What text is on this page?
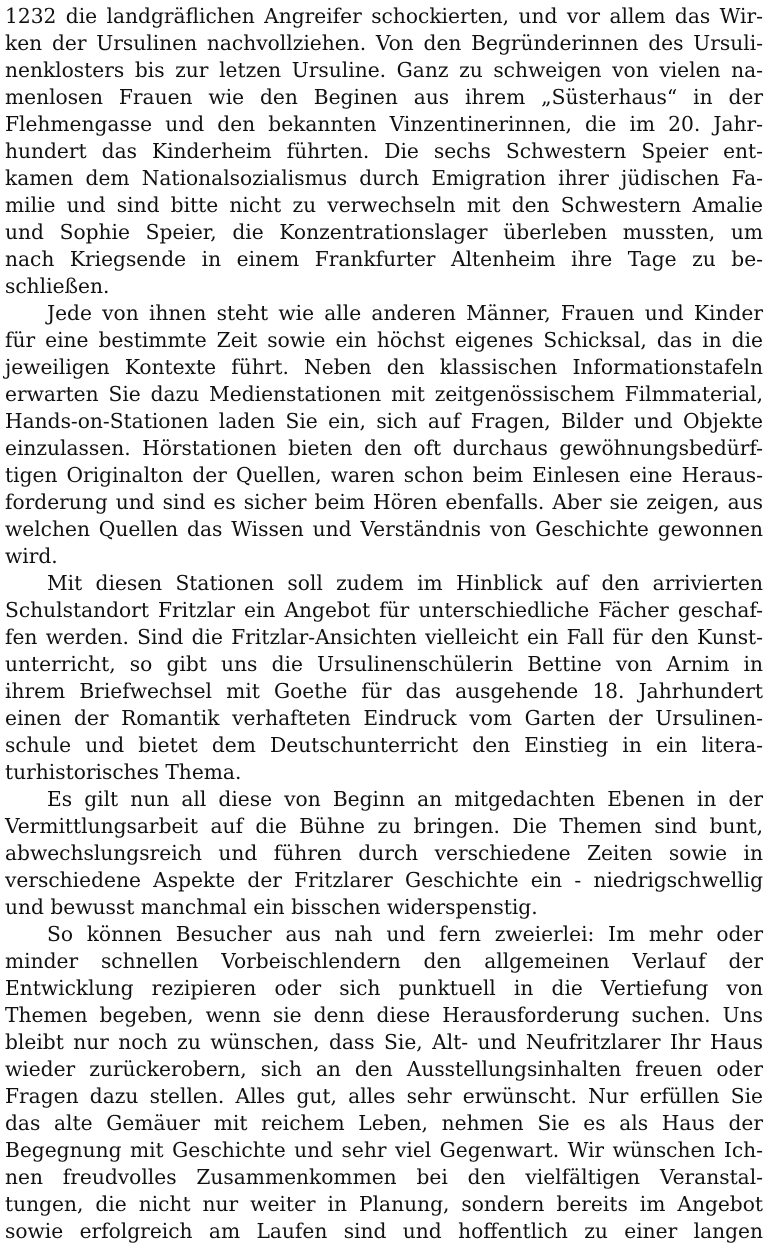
1232 die landgräflichen Angreifer schockierten, und vor allem das Wir-
ken der Ursulinen nachvollziehen. Von den Begründerinnen des Ursuli-
nenklosters bis zur letzen Ursuline. Ganz zu schweigen von vielen na-
menlosen Frauen wie den Beginen aus ihrem „Süsterhaus“ in der
Flehmengasse und den bekannten Vinzentinerinnen, die im 20. Jahr-
hundert das Kinderheim führten. Die sechs Schwestern Speier ent-
kamen dem Nationalsozialismus durch Emigration ihrer jüdischen Fa-
milie und sind bitte nicht zu verwechseln mit den Schwestern Amalie
und Sophie Speier, die Konzentrationslager überleben mussten, um
nach Kriegsende in einem Frankfurter Altenheim ihre Tage zu be-
schließen.
Jede von ihnen steht wie alle anderen Männer, Frauen und Kinder
für eine bestimmte Zeit sowie ein höchst eigenes Schicksal, das in die
jeweiligen Kontexte führt. Neben den klassischen Informationstafeln
erwarten Sie dazu Medienstationen mit zeitgenössischem Filmmaterial,
Hands-on-Stationen laden Sie ein, sich auf Fragen, Bilder und Objekte
einzulassen. Hörstationen bieten den oft durchaus gewöhnungsbedürf-
tigen Originalton der Quellen, waren schon beim Einlesen eine Heraus-
forderung und sind es sicher beim Hören ebenfalls. Aber sie zeigen, aus
welchen Quellen das Wissen und Verständnis von Geschichte gewonnen
wird.
Mit diesen Stationen soll zudem im Hinblick auf den arrivierten
Schulstandort Fritzlar ein Angebot für unterschiedliche Fächer geschaf-
fen werden. Sind die Fritzlar-Ansichten vielleicht ein Fall für den Kunst-
unterricht, so gibt uns die Ursulinenschülerin Bettine von Arnim in
ihrem Briefwechsel mit Goethe für das ausgehende 18. Jahrhundert
einen der Romantik verhafteten Eindruck vom Garten der Ursulinen-
schule und bietet dem Deutschunterricht den Einstieg in ein litera-
turhistorisches Thema.
Es gilt nun all diese von Beginn an mitgedachten Ebenen in der
Vermittlungsarbeit auf die Bühne zu bringen. Die Themen sind bunt,
abwechslungsreich und führen durch verschiedene Zeiten sowie in
verschiedene Aspekte der Fritzlarer Geschichte ein - niedrigschwellig
und bewusst manchmal ein bisschen widerspenstig.
So können Besucher aus nah und fern zweierlei: Im mehr oder
minder schnellen Vorbeischlendern den allgemeinen Verlauf der
Entwicklung rezipieren oder sich punktuell in die Vertiefung von
Themen begeben, wenn sie denn diese Herausforderung suchen. Uns
bleibt nur noch zu wünschen, dass Sie, Alt- und Neufritzlarer Ihr Haus
wieder zurückerobern, sich an den Ausstellungsinhalten freuen oder
Fragen dazu stellen. Alles gut, alles sehr erwünscht. Nur erfüllen Sie
das alte Gemäuer mit reichem Leben, nehmen Sie es als Haus der
Begegnung mit Geschichte und sehr viel Gegenwart. Wir wünschen Ich-
nen freudvolles Zusammenkommen bei den vielfältigen Veranstal-
tungen, die nicht nur weiter in Planung, sondern bereits im Angebot
sowie erfolgreich am Laufen sind und hoffentlich zu einer langen
